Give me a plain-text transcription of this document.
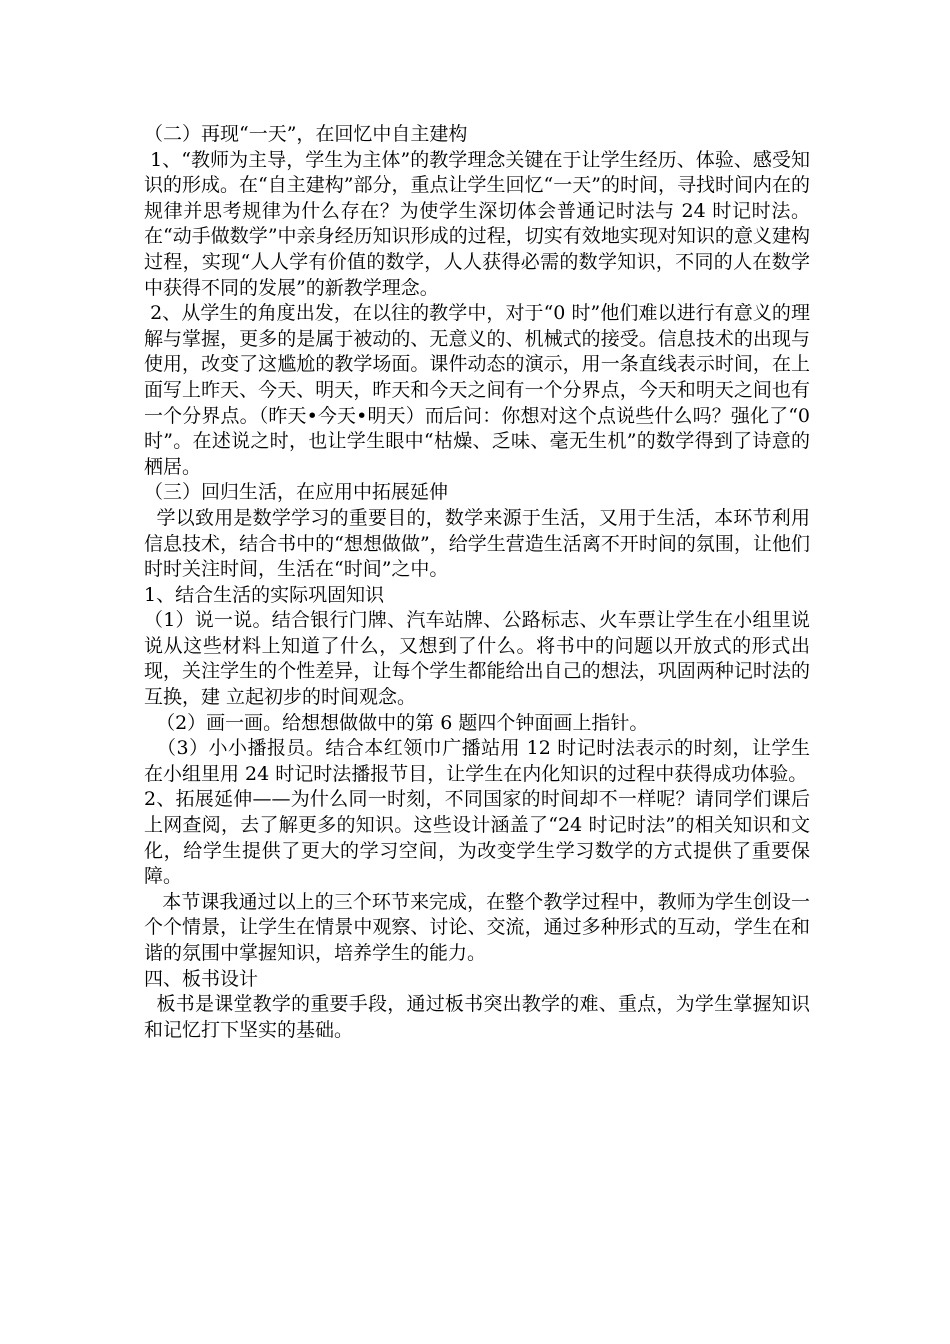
（二）再现“一天”，在回忆中自主建构

1、“教师为主导，学生为主体”的教学理念关键在于让学生经历、体验、感受知识的形成。在“自主建构”部分，重点让学生回忆“一天”的时间，寻找时间内在的规律并思考规律为什么存在？为使学生深切体会普通记时法与 24 时记时法。在“动手做数学”中亲身经历知识形成的过程，切实有效地实现对知识的意义建构过程，实现“人人学有价值的数学，人人获得必需的数学知识，不同的人在数学中获得不同的发展”的新教学理念。

2、从学生的角度出发，在以往的教学中，对于“0 时”他们难以进行有意义的理解与掌握，更多的是属于被动的、无意义的、机械式的接受。信息技术的出现与使用，改变了这尴尬的教学场面。课件动态的演示，用一条直线表示时间，在上面写上昨天、今天、明天，昨天和今天之间有一个分界点，今天和明天之间也有一个分界点。（昨天•今天•明天）而后问：你想对这个点说些什么吗？强化了“0 时”。在述说之时，也让学生眼中“枯燥、乏味、毫无生机”的数学得到了诗意的栖居。

（三）回归生活，在应用中拓展延伸

学以致用是数学学习的重要目的，数学来源于生活，又用于生活，本环节利用信息技术，结合书中的“想想做做”，给学生营造生活离不开时间的氛围，让他们时时关注时间，生活在“时间”之中。

1、结合生活的实际巩固知识

（1）说一说。结合银行门牌、汽车站牌、公路标志、火车票让学生在小组里说说从这些材料上知道了什么，又想到了什么。将书中的问题以开放式的形式出现，关注学生的个性差异，让每个学生都能给出自己的想法，巩固两种记时法的互换，建 立起初步的时间观念。

（2）画一画。给想想做做中的第 6 题四个钟面画上指针。

（3）小小播报员。结合本红领巾广播站用 12 时记时法表示的时刻，让学生在小组里用 24 时记时法播报节目，让学生在内化知识的过程中获得成功体验。

2、拓展延伸——为什么同一时刻，不同国家的时间却不一样呢？请同学们课后上网查阅，去了解更多的知识。这些设计涵盖了“24 时记时法”的相关知识和文化，给学生提供了更大的学习空间，为改变学生学习数学的方式提供了重要保障。

本节课我通过以上的三个环节来完成，在整个教学过程中，教师为学生创设一个个情景，让学生在情景中观察、讨论、交流，通过多种形式的互动，学生在和谐的氛围中掌握知识，培养学生的能力。

四、板书设计

板书是课堂教学的重要手段，通过板书突出教学的难、重点，为学生掌握知识和记忆打下坚实的基础。
